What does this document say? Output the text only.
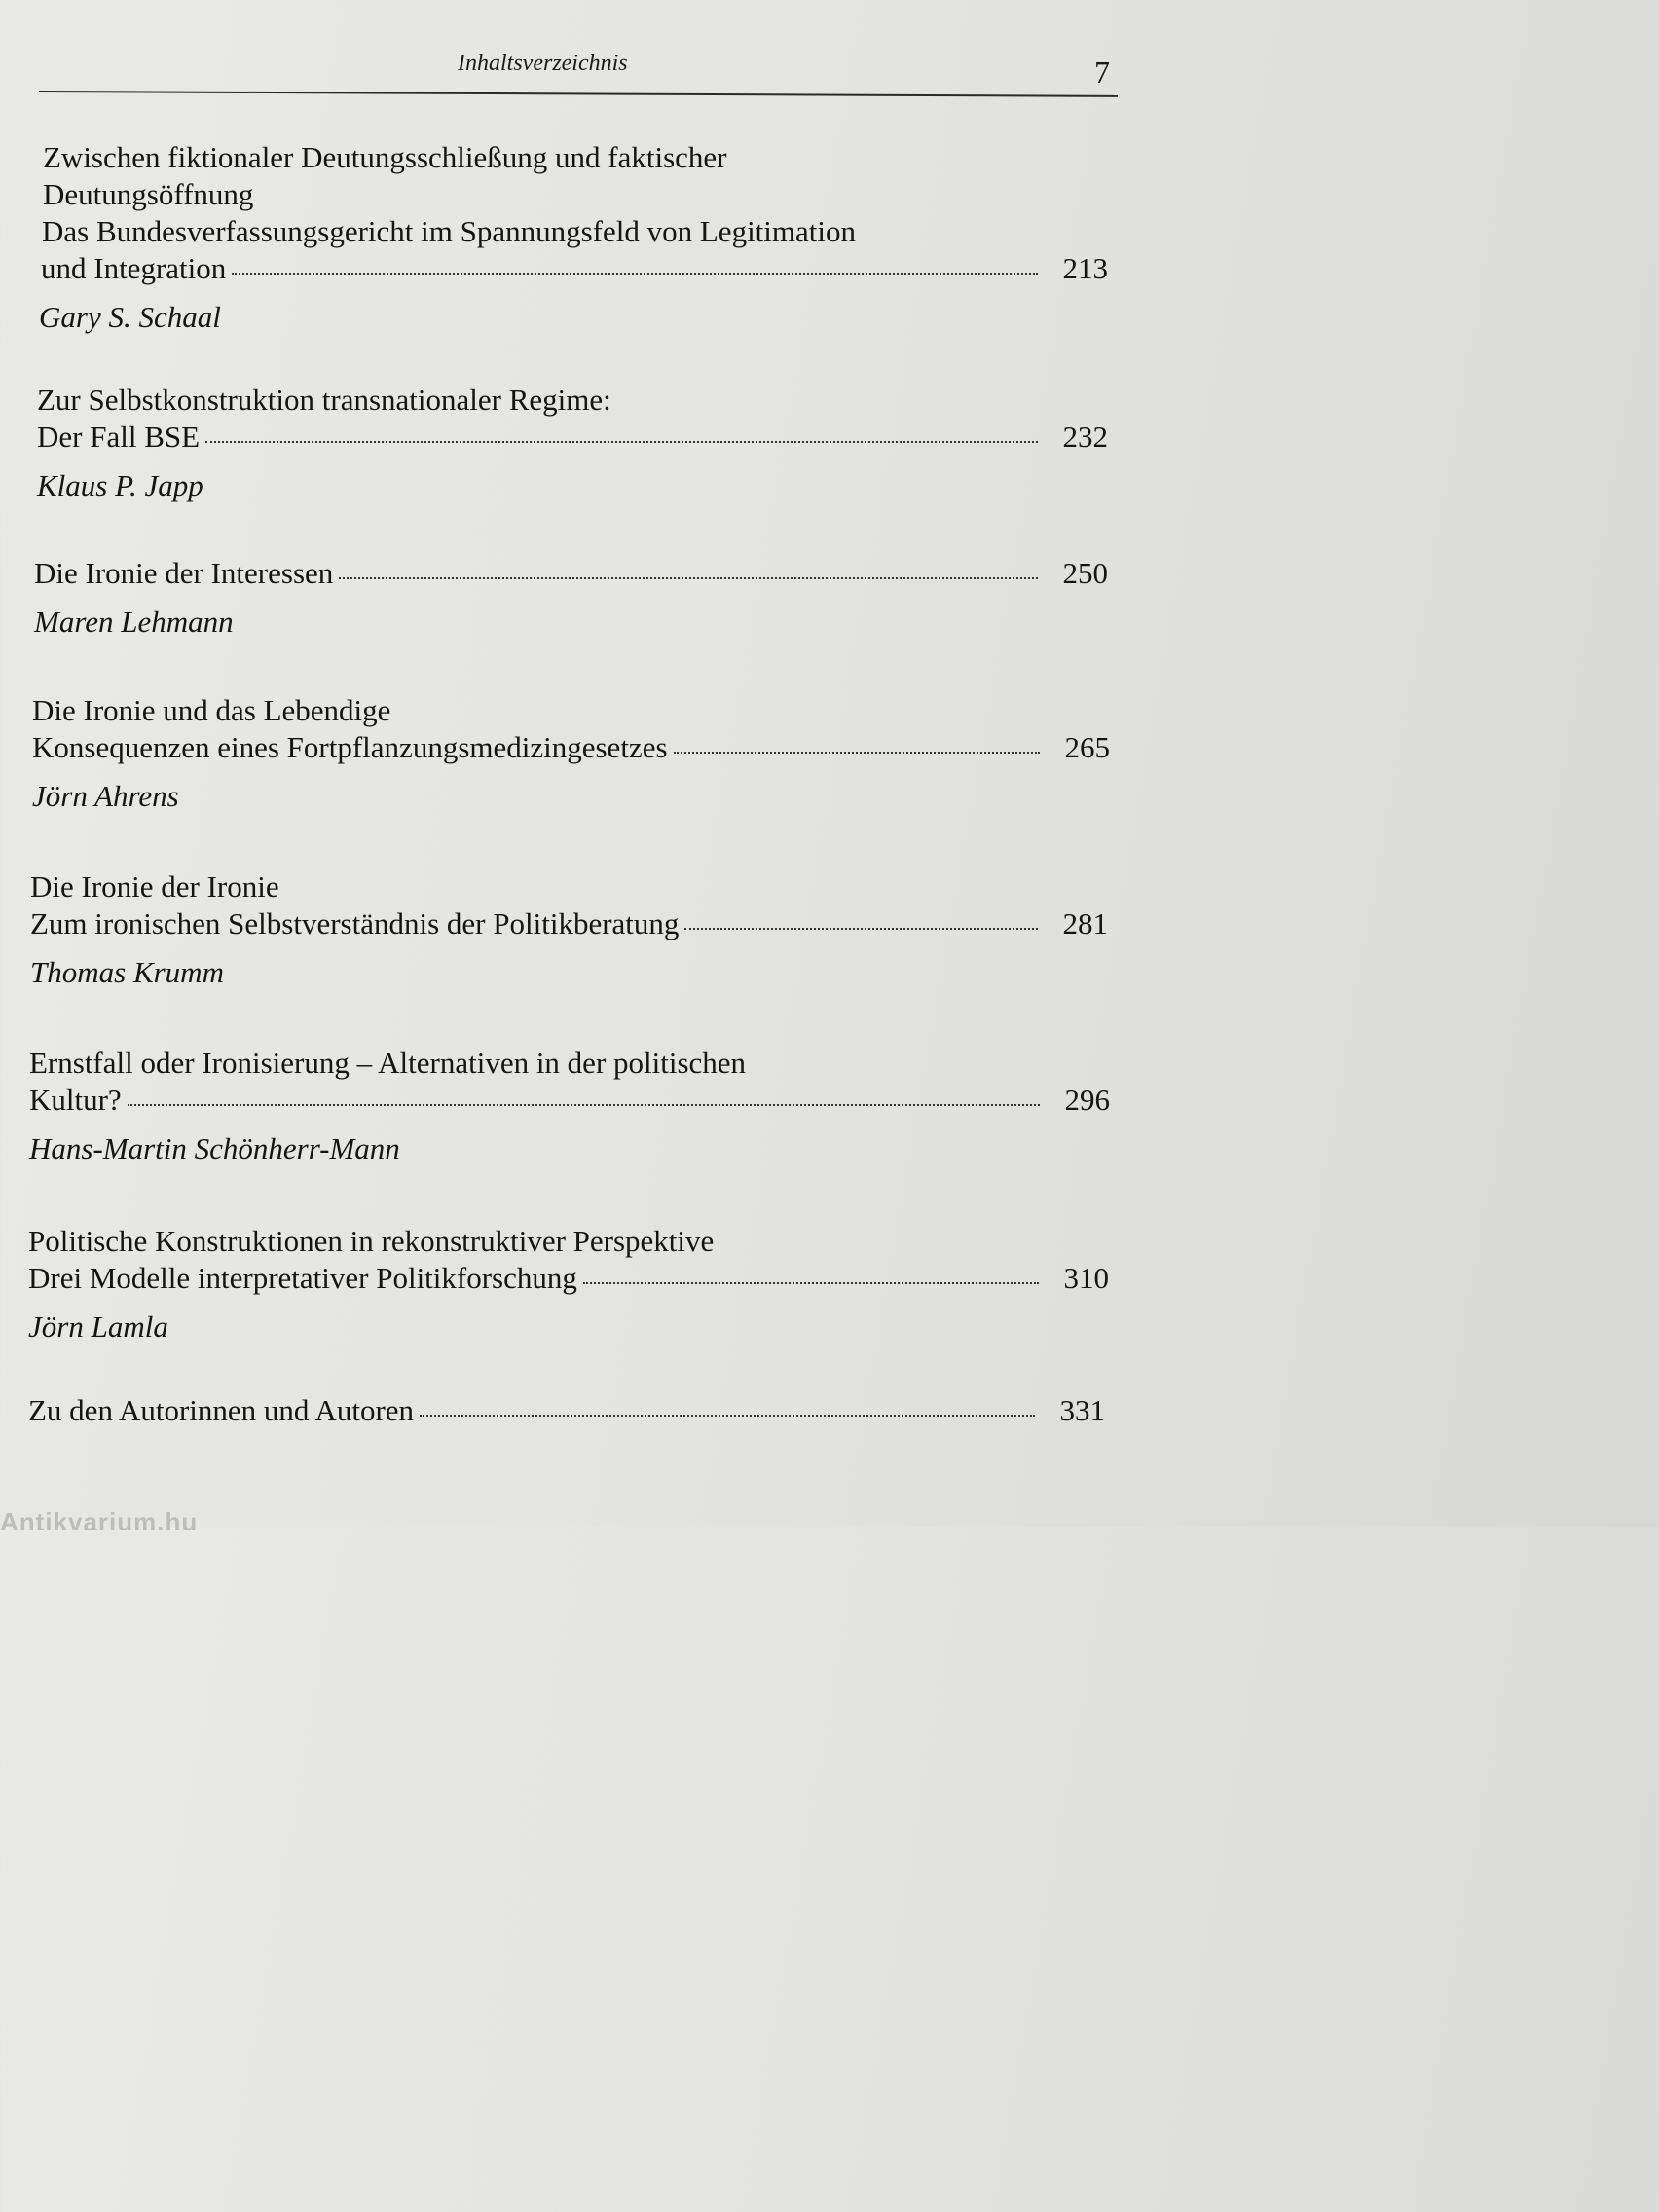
Inhaltsverzeichnis	7
Zwischen fiktionaler Deutungsschließung und faktischer
Deutungsöffnung
Das Bundesverfassungsgericht im Spannungsfeld von Legitimation
und Integration	213
Gary S. Schaal
Zur Selbstkonstruktion transnationaler Regime:
Der Fall BSE	232
Klaus P. Japp
Die Ironie der Interessen	250
Maren Lehmann
Die Ironie und das Lebendige
Konsequenzen eines Fortpflanzungsmedizingesetzes	265
Jörn Ahrens
Die Ironie der Ironie
Zum ironischen Selbstverständnis der Politikberatung	281
Thomas Krumm
Ernstfall oder Ironisierung – Alternativen in der politischen
Kultur?	296
Hans-Martin Schönherr-Mann
Politische Konstruktionen in rekonstruktiver Perspektive
Drei Modelle interpretativer Politikforschung	310
Jörn Lamla
Zu den Autorinnen und Autoren	331
Antikvarium.hu
